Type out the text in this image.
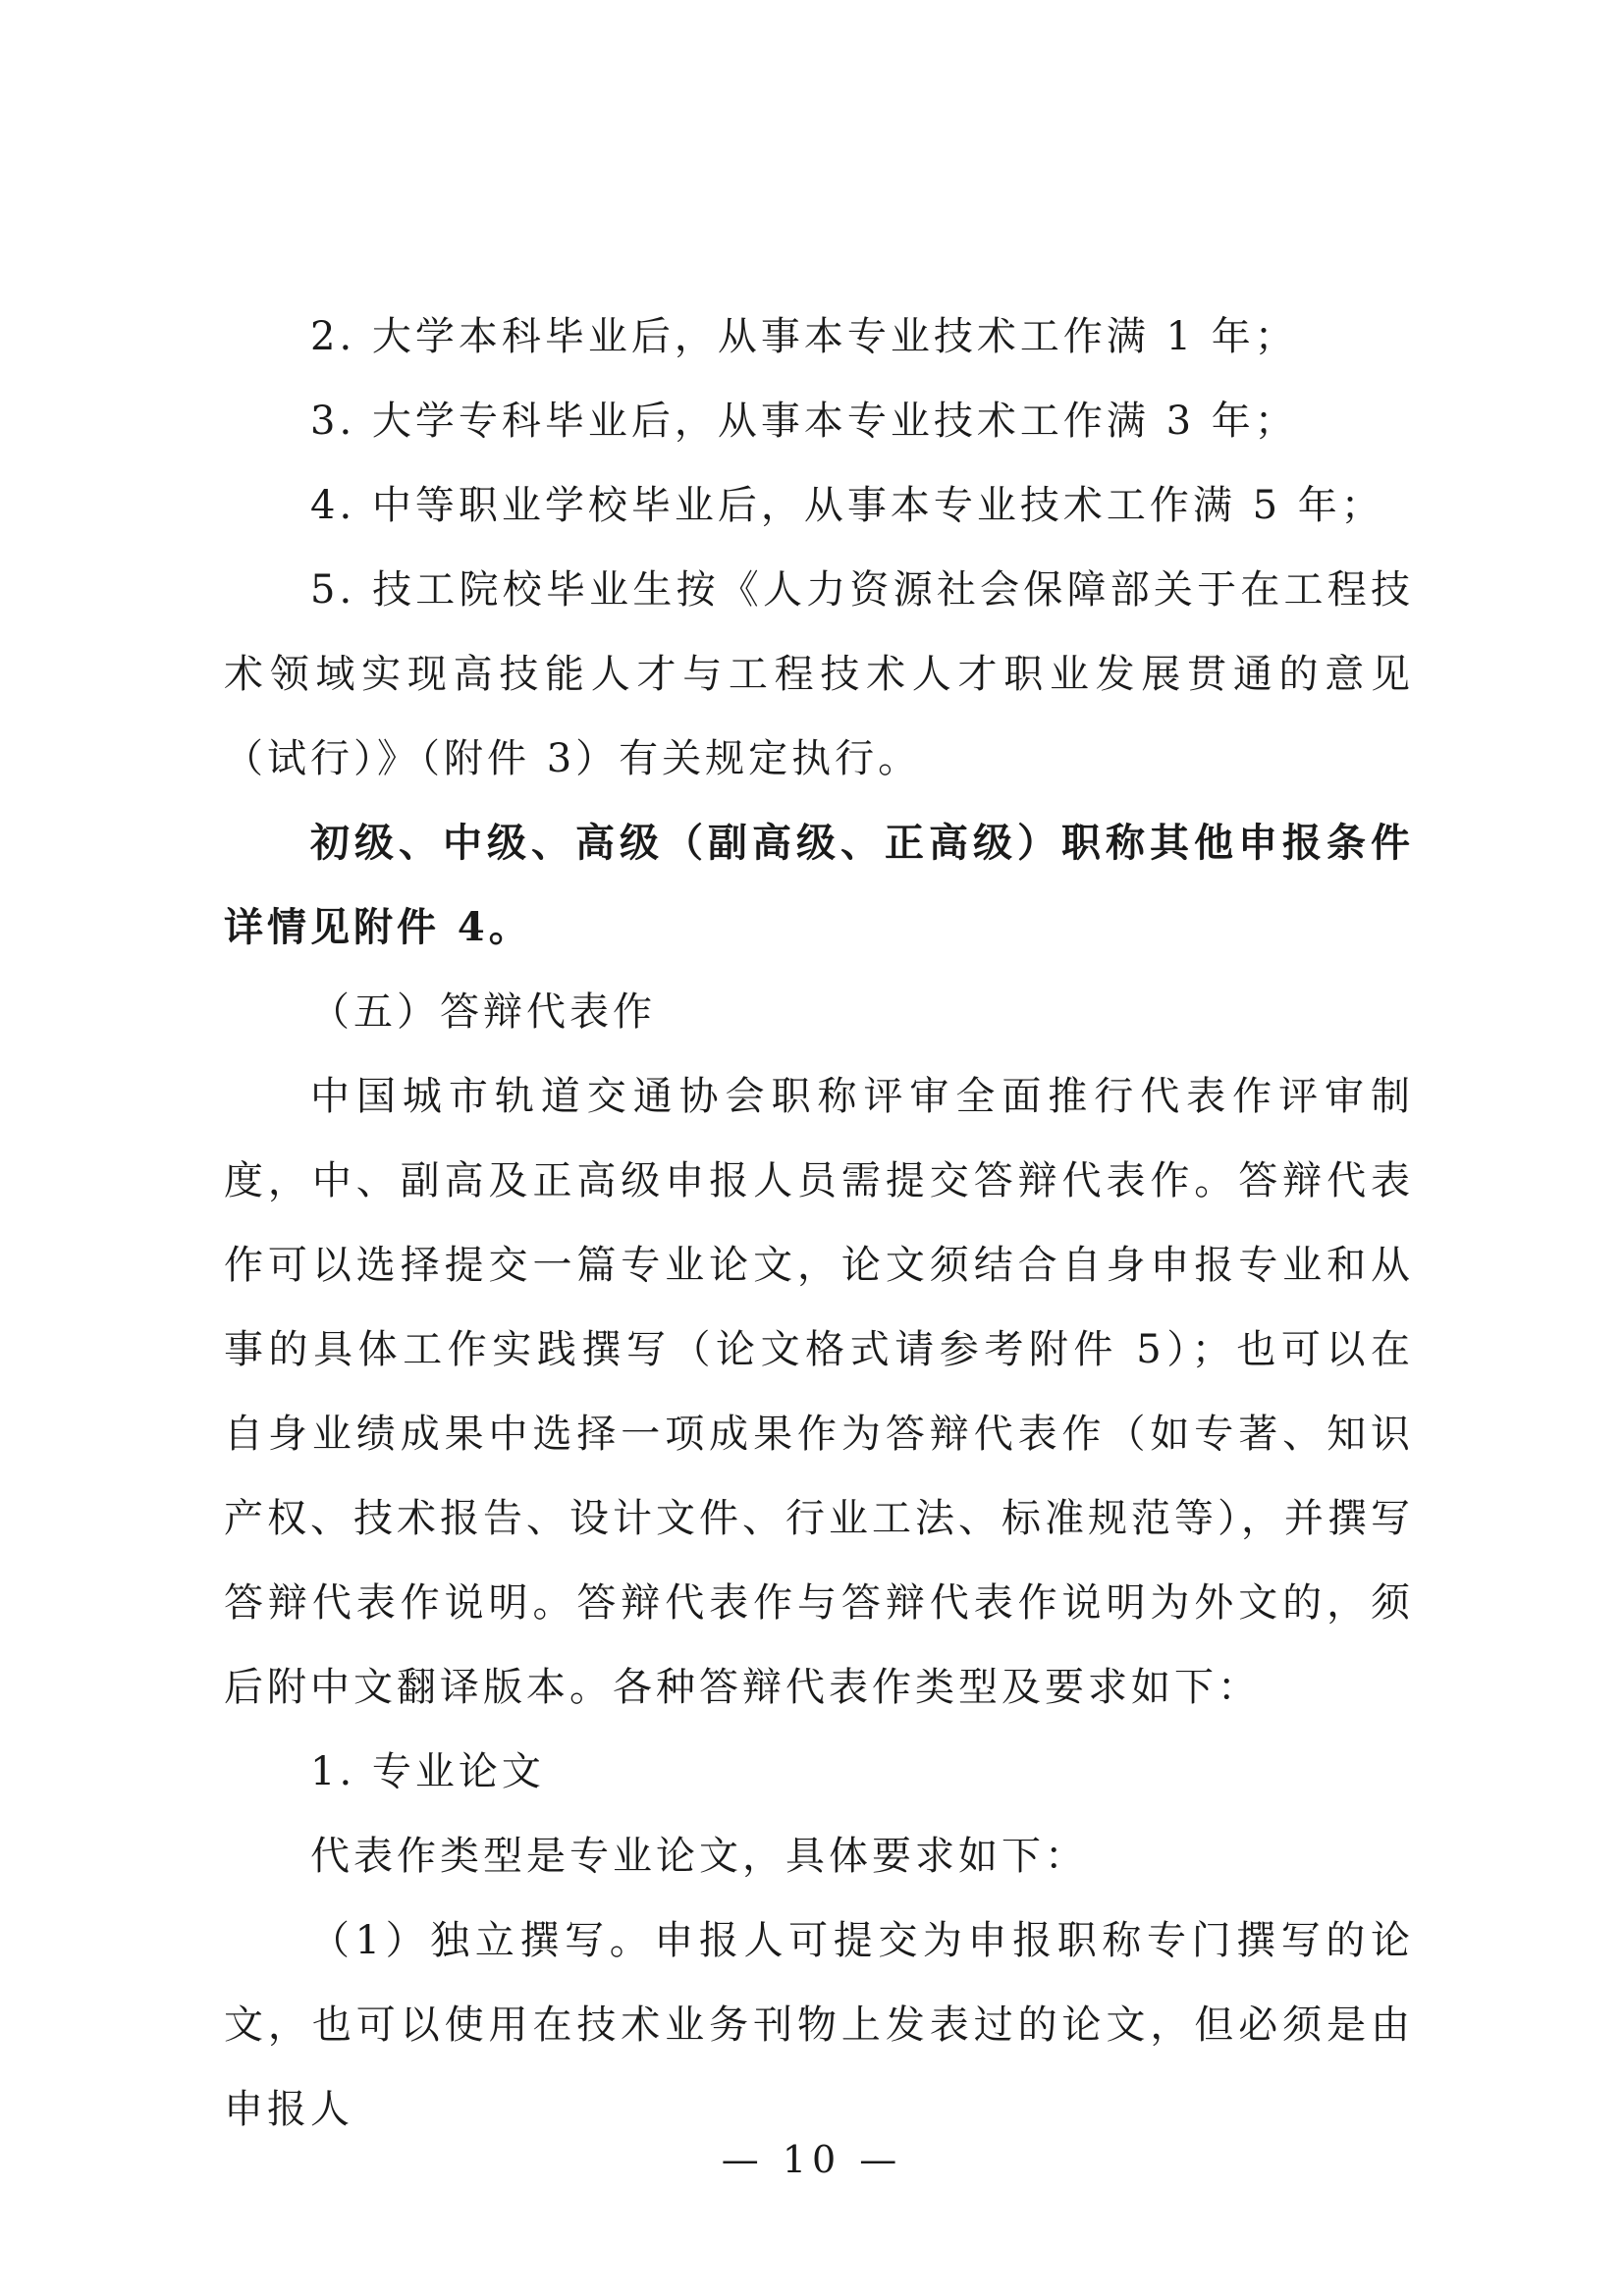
2. 大学本科毕业后，从事本专业技术工作满 1 年；

3. 大学专科毕业后，从事本专业技术工作满 3 年；

4. 中等职业学校毕业后，从事本专业技术工作满 5 年；

5. 技工院校毕业生按《人力资源社会保障部关于在工程技术领域实现高技能人才与工程技术人才职业发展贯通的意见（试行）》（附件 3）有关规定执行。

初级、中级、高级（副高级、正高级）职称其他申报条件详情见附件 4。

（五）答辩代表作

中国城市轨道交通协会职称评审全面推行代表作评审制度，中、副高及正高级申报人员需提交答辩代表作。答辩代表作可以选择提交一篇专业论文，论文须结合自身申报专业和从事的具体工作实践撰写（论文格式请参考附件 5）；也可以在自身业绩成果中选择一项成果作为答辩代表作（如专著、知识产权、技术报告、设计文件、行业工法、标准规范等），并撰写答辩代表作说明。答辩代表作与答辩代表作说明为外文的，须后附中文翻译版本。各种答辩代表作类型及要求如下：

1. 专业论文

代表作类型是专业论文，具体要求如下：

（1）独立撰写。申报人可提交为申报职称专门撰写的论文，也可以使用在技术业务刊物上发表过的论文，但必须是由申报人

— 10 —
